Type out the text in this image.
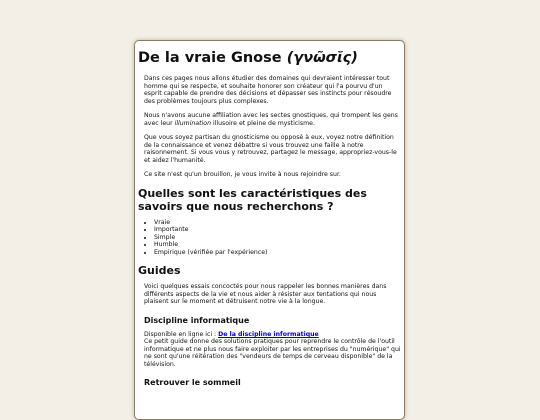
De la vraie Gnose (γνῶσῐς)

Dans ces pages nous allons étudier des domaines qui devraient intéresser tout homme qui se respecte, et souhaite honorer son créateur qui l'a pourvu d'un esprit capable de prendre des décisions et dépasser ses instincts pour résoudre des problèmes toujours plus complexes.

Nous n'avons aucune affiliation avec les sectes gnostiques, qui trompent les gens avec leur illumination illusoire et pleine de mysticisme.

Que vous soyez partisan du gnosticisme ou opposé à eux, voyez notre définition de la connaissance et venez débattre si vous trouvez une faille à notre raisonnement. Si vous vous y retrouvez, partagez le message, appropriez-vous-le et aidez l'humanité.

Ce site n'est qu'un brouillon, je vous invite à nous rejoindre sur.

Quelles sont les caractéristiques des savoirs que nous recherchons ?
• Vraie
• Importante
• Simple
• Humble
• Empirique (vérifiée par l'expérience)
Guides

Voici quelques essais concoctés pour nous rappeler les bonnes manières dans différents aspects de la vie et nous aider à résister aux tentations qui nous plaisent sur le moment et détruisent notre vie à la longue.

Discipline informatique

Disponible en ligne ici : De la discipline informatique
Ce petit guide donne des solutions pratiques pour reprendre le contrôle de l'outil informatique et ne plus nous faire exploiter par les entreprises du "numérique" qui ne sont qu'une réitération des "vendeurs de temps de cerveau disponible" de la télévision.

Retrouver le sommeil
